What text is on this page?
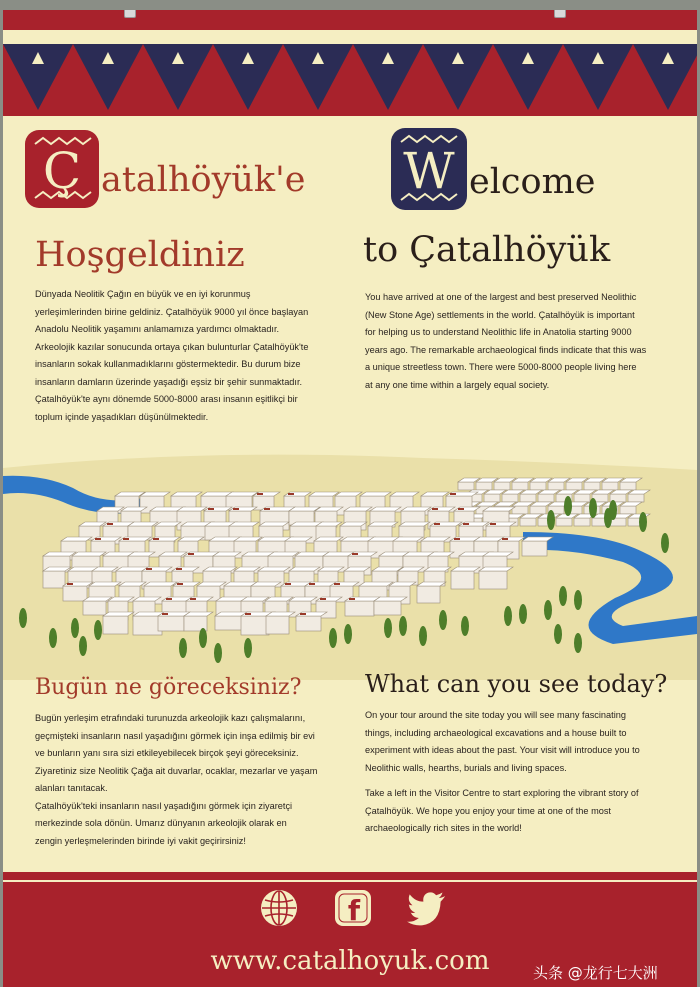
Ç atalhöyük'e
Hoşgeldiniz
W elcome
to Çatalhöyük
Dünyada Neolitik Çağın en büyük ve en iyi korunmuş
yerleşimlerinden birine geldiniz. Çatalhöyük 9000 yıl önce başlayan
Anadolu Neolitik yaşamını anlamamıza yardımcı olmaktadır.
Arkeolojik kazılar sonucunda ortaya çıkan bulunturlar Çatalhöyük'te
insanların sokak kullanmadıklarını göstermektedir. Bu durum bize
insanların damların üzerinde yaşadığı eşsiz bir şehir sunmaktadır.
Çatalhöyük'te aynı dönemde 5000-8000 arası insanın eşitlikçi bir
toplum içinde yaşadıkları düşünülmektedir.
You have arrived at one of the largest and best preserved Neolithic
(New Stone Age) settlements in the world. Çatalhöyük is important
for helping us to understand Neolithic life in Anatolia starting 9000
years ago. The remarkable archaeological finds indicate that this was
a unique streetless town. There were 5000-8000 people living here
at any one time within a largely equal society.
Bugün ne göreceksiniz?	What can you see today?
Bugün yerleşim etrafındaki turunuzda arkeolojik kazı çalışmalarını,
geçmişteki insanların nasıl yaşadığını görmek için inşa edilmiş bir evi
ve bunların yanı sıra sizi etkileyebilecek birçok şeyi göreceksiniz.
Ziyaretiniz size Neolitik Çağa ait duvarlar, ocaklar, mezarlar ve yaşam
alanları tanıtacak.
Çatalhöyük'teki insanların nasıl yaşadığını görmek için ziyaretçi
merkezinde sola dönün. Umarız dünyanın arkeolojik olarak en
zengin yerleşmelerinden birinde iyi vakit geçirirsiniz!
On your tour around the site today you will see many fascinating
things, including archaeological excavations and a house built to
experiment with ideas about the past. Your visit will introduce you to
Neolithic walls, hearths, burials and living spaces.
Take a left in the Visitor Centre to start exploring the vibrant story of
Çatalhöyük. We hope you enjoy your time at one of the most
archaeologically rich sites in the world!
f
www.catalhoyuk.com	头条 @龙行七大洲
